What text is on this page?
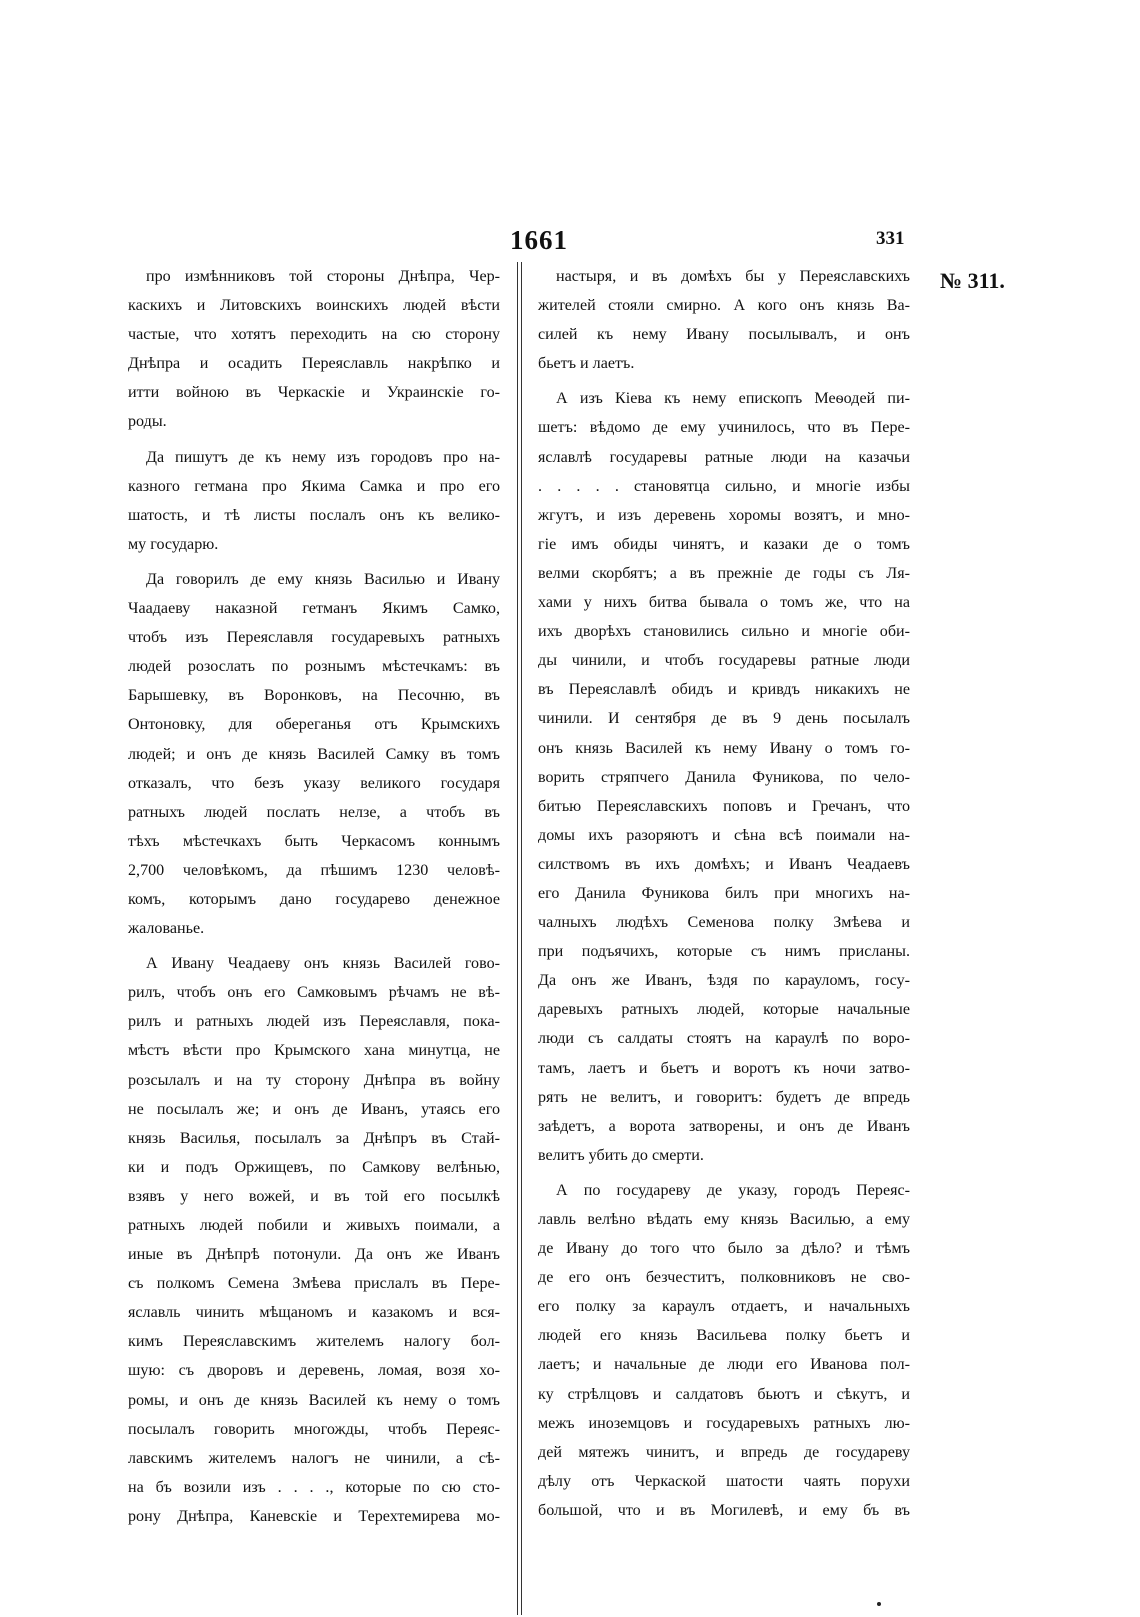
1661	331
№ 311.

про измѣнниковъ той стороны Днѣпра, Чер-
каскихъ и Литовскихъ воинскихъ людей вѣсти
частые, что хотятъ переходить на сю сторону
Днѣпра и осадить Переяславль накрѣпко и
итти войною въ Черкаскіе и Украинскіе го-
роды.

Да пишутъ де къ нему изъ городовъ про на-
казного гетмана про Якима Самка и про его
шатость, и тѣ листы послалъ онъ къ велико-
му государю.

Да говорилъ де ему князь Василью и Ивану
Чаадаеву наказной гетманъ Якимъ Самко,
чтобъ изъ Переяславля государевыхъ ратныхъ
людей розослать по рознымъ мѣстечкамъ: въ
Барышевку, въ Воронковъ, на Песочню, въ
Онтоновку, для обереганья отъ Крымскихъ
людей; и онъ де князь Василей Самку въ томъ
отказалъ, что безъ указу великого государя
ратныхъ людей послать нелзе, а чтобъ въ
тѣхъ мѣстечкахъ быть Черкасомъ коннымъ
2,700 человѣкомъ, да пѣшимъ 1230 человѣ-
комъ, которымъ дано государево денежное
жалованье.

А Ивану Чеадаеву онъ князь Василей гово-
рилъ, чтобъ онъ его Самковымъ рѣчамъ не вѣ-
рилъ и ратныхъ людей изъ Переяславля, пока-
мѣстъ вѣсти про Крымского хана минутца, не
розсылалъ и на ту сторону Днѣпра въ войну
не посылалъ же; и онъ де Иванъ, утаясь его
князь Василья, посылалъ за Днѣпръ въ Стай-
ки и подъ Оржищевъ, по Самкову велѣнью,
взявъ у него вожей, и въ той его посылкѣ
ратныхъ людей побили и живыхъ поимали, а
иные въ Днѣпрѣ потонули. Да онъ же Иванъ
съ полкомъ Семена Змѣева прислалъ въ Пере-
яславль чинить мѣщаномъ и казакомъ и вся-
кимъ Переяславскимъ жителемъ налогу бол-
шую: съ дворовъ и деревень, ломая, возя хо-
ромы, и онъ де князь Василей къ нему о томъ
посылалъ говорить многожды, чтобъ Переяс-
лавскимъ жителемъ налогъ не чинили, а сѣ-
на бъ возили изъ . . . ., которые по сю сто-
рону Днѣпра, Каневскіе и Терехтемирева мо-

настыря, и въ домѣхъ бы у Переяславскихъ
жителей стояли смирно. А кого онъ князь Ва-
силей къ нему Ивану посылывалъ, и онъ
бьетъ и лаетъ.

А изъ Кіева къ нему епископъ Меѳодей пи-
шетъ: вѣдомо де ему учинилось, что въ Пере-
яславлѣ государевы ратные люди на казачьи
. . . . . становятца сильно, и многіе избы
жгутъ, и изъ деревень хоромы возятъ, и мно-
гіе имъ обиды чинятъ, и казаки де о томъ
велми скорбятъ; а въ прежніе де годы съ Ля-
хами у нихъ битва бывала о томъ же, что на
ихъ дворѣхъ становились сильно и многіе оби-
ды чинили, и чтобъ государевы ратные люди
въ Переяславлѣ обидъ и кривдъ никакихъ не
чинили. И сентября де въ 9 день посылалъ
онъ князь Василей къ нему Ивану о томъ го-
ворить стряпчего Данила Фуникова, по чело-
битью Переяславскихъ поповъ и Гречанъ, что
домы ихъ разоряютъ и сѣна всѣ поимали на-
силствомъ въ ихъ домѣхъ; и Иванъ Чеадаевъ
его Данила Фуникова билъ при многихъ на-
чалныхъ людѣхъ Семенова полку Змѣева и
при подъячихъ, которые съ нимъ присланы.
Да онъ же Иванъ, ѣздя по карауломъ, госу-
даревыхъ ратныхъ людей, которые начальные
люди съ салдаты стоятъ на караулѣ по воро-
тамъ, лаетъ и бьетъ и воротъ къ ночи затво-
рять не велитъ, и говоритъ: будетъ де впредь
заѣдетъ, а ворота затворены, и онъ де Иванъ
велитъ убить до смерти.

А по государеву де указу, городъ Переяс-
лавль велѣно вѣдать ему князь Василью, а ему
де Ивану до того что было за дѣло? и тѣмъ
де его онъ безчеститъ, полковниковъ не сво-
его полку за караулъ отдаетъ, и начальныхъ
людей его князь Васильева полку бьетъ и
лаетъ; и начальные де люди его Иванова пол-
ку стрѣлцовъ и салдатовъ бьютъ и сѣкутъ, и
межъ иноземцовъ и государевыхъ ратныхъ лю-
дей мятежъ чинитъ, и впредь де государеву
дѣлу отъ Черкаской шатости чаять порухи
большой, что и въ Могилевѣ, и ему бъ въ
